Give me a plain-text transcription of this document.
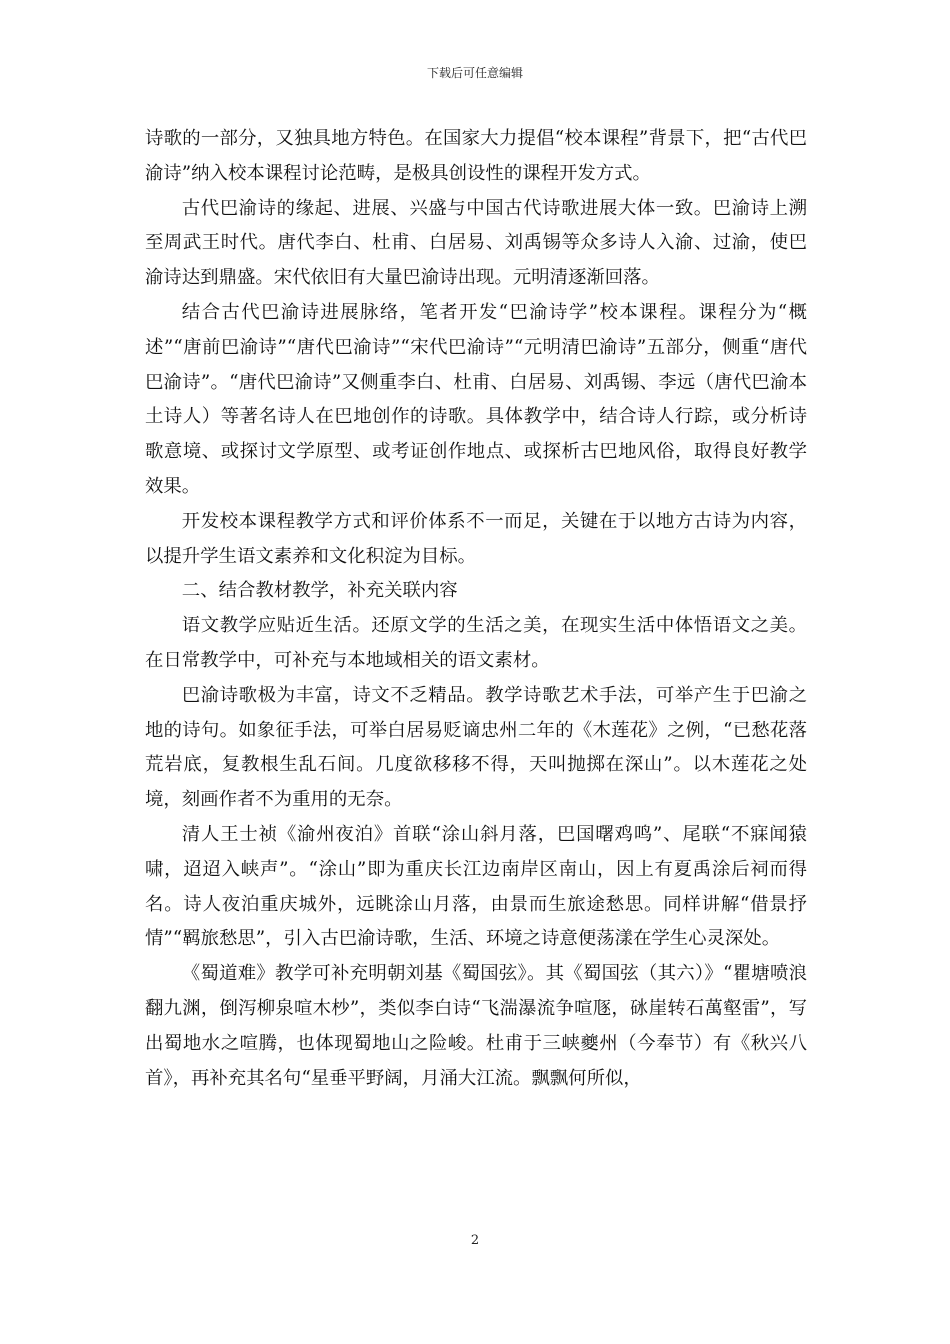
下载后可任意编辑

诗歌的一部分，又独具地方特色。在国家大力提倡“校本课程”背景下，把“古代巴渝诗”纳入校本课程讨论范畴，是极具创设性的课程开发方式。

古代巴渝诗的缘起、进展、兴盛与中国古代诗歌进展大体一致。巴渝诗上溯至周武王时代。唐代李白、杜甫、白居易、刘禹锡等众多诗人入渝、过渝，使巴渝诗达到鼎盛。宋代依旧有大量巴渝诗出现。元明清逐渐回落。

结合古代巴渝诗进展脉络，笔者开发“巴渝诗学”校本课程。课程分为“概述”“唐前巴渝诗”“唐代巴渝诗”“宋代巴渝诗”“元明清巴渝诗”五部分，侧重“唐代巴渝诗”。“唐代巴渝诗”又侧重李白、杜甫、白居易、刘禹锡、李远（唐代巴渝本土诗人）等著名诗人在巴地创作的诗歌。具体教学中，结合诗人行踪，或分析诗歌意境、或探讨文学原型、或考证创作地点、或探析古巴地风俗，取得良好教学效果。

开发校本课程教学方式和评价体系不一而足，关键在于以地方古诗为内容，以提升学生语文素养和文化积淀为目标。

二、结合教材教学，补充关联内容

语文教学应贴近生活。还原文学的生活之美，在现实生活中体悟语文之美。在日常教学中，可补充与本地域相关的语文素材。

巴渝诗歌极为丰富，诗文不乏精品。教学诗歌艺术手法，可举产生于巴渝之地的诗句。如象征手法，可举白居易贬谪忠州二年的《木莲花》之例，“已愁花落荒岩底，复教根生乱石间。几度欲移移不得，天叫抛掷在深山”。以木莲花之处境，刻画作者不为重用的无奈。

清人王士祯《渝州夜泊》首联“涂山斜月落，巴国曙鸡鸣”、尾联“不寐闻猿啸，迢迢入峡声”。“涂山”即为重庆长江边南岸区南山，因上有夏禹涂后祠而得名。诗人夜泊重庆城外，远眺涂山月落，由景而生旅途愁思。同样讲解“借景抒情”“羁旅愁思”，引入古巴渝诗歌，生活、环境之诗意便荡漾在学生心灵深处。

《蜀道难》教学可补充明朝刘基《蜀国弦》。其《蜀国弦（其六）》“瞿塘喷浪翻九渊，倒泻柳泉喧木杪”，类似李白诗“飞湍瀑流争喧豗，砯崖转石萬壑雷”，写出蜀地水之喧腾，也体现蜀地山之险峻。杜甫于三峡夔州（今奉节）有《秋兴八首》，再补充其名句“星垂平野阔，月涌大江流。飘飘何所似，

2
